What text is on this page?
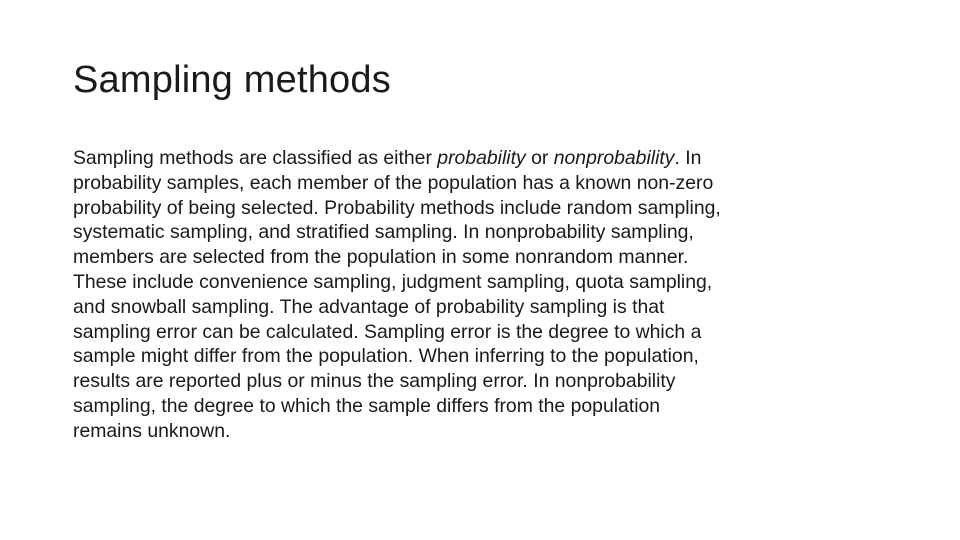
Sampling methods
Sampling methods are classified as either probability or nonprobability. In
probability samples, each member of the population has a known non-zero
probability of being selected. Probability methods include random sampling,
systematic sampling, and stratified sampling. In nonprobability sampling,
members are selected from the population in some nonrandom manner.
These include convenience sampling, judgment sampling, quota sampling,
and snowball sampling. The advantage of probability sampling is that
sampling error can be calculated. Sampling error is the degree to which a
sample might differ from the population. When inferring to the population,
results are reported plus or minus the sampling error. In nonprobability
sampling, the degree to which the sample differs from the population
remains unknown.
